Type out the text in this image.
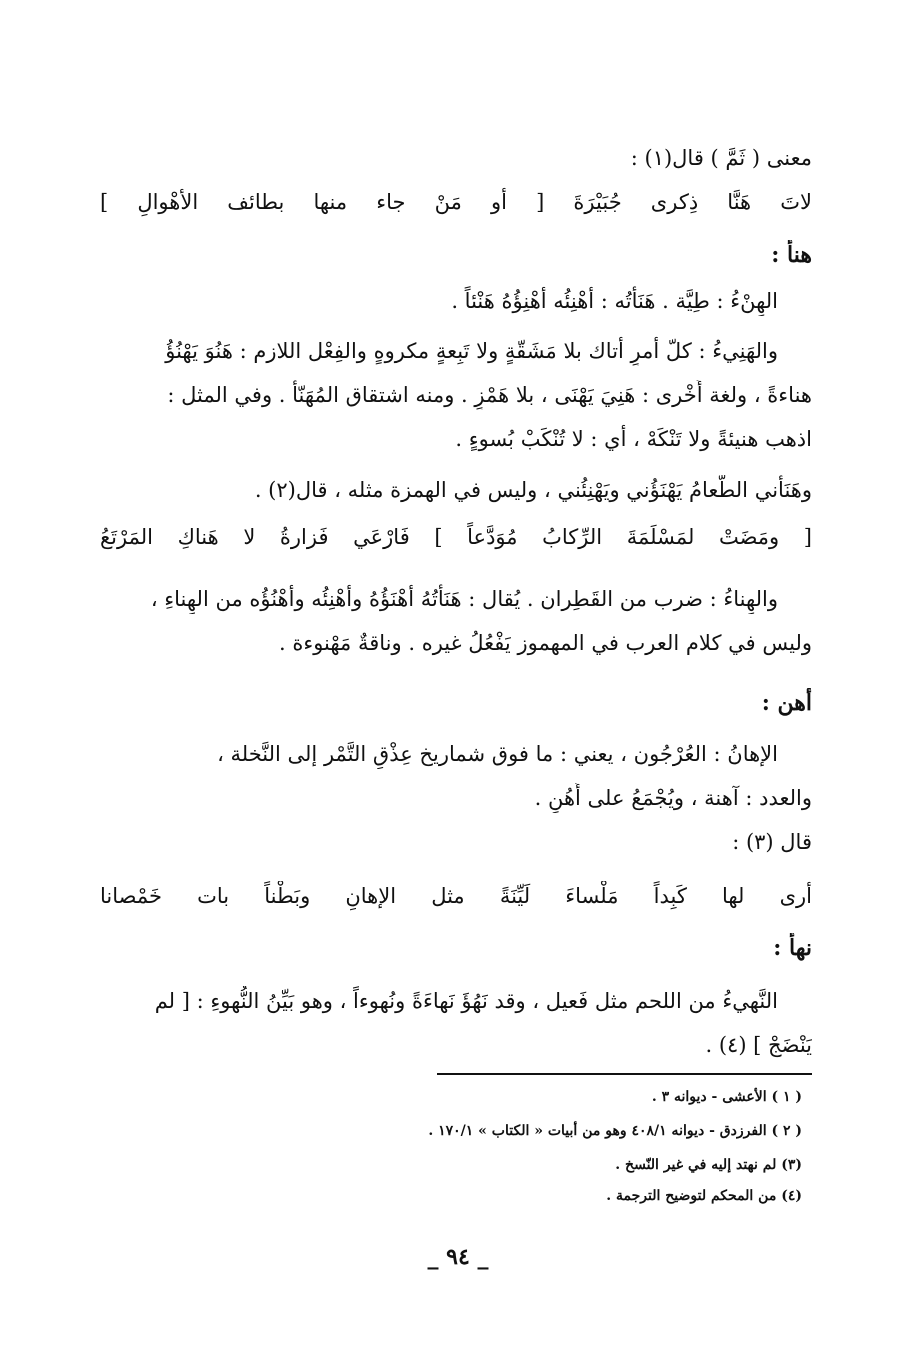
معنى ( ثَمَّ ) قال(١) :
لاتَ هَنَّا ذِكرى جُبَيْرَةَ [ أو مَنْ جاء منها بطائف الأهْوالِ ]
هنأ :
الهِنْءُ : طِيَّة . هَنَأْتُه : أهْنِئُه أهْنِؤُهُ هَنْئاً .
والهَنِيءُ : كلّ أمرٍ أتاك بلا مَشَقّةٍ ولا تَبِعةٍ مكروهٍ والفِعْل اللازم : هَنُوَ يَهْنُؤُ
هناءةً ، ولغة أُخْرى : هَنِيَ يَهْنَى ، بلا هَمْزٍ . ومنه اشتقاق المُهَنّأ . وفي المثل :
اذهب هنيئةً ولا تَنْكَهْ ، أي : لا تُنْكَبْ بُسوءٍ .
وهَنَأني الطّعامُ يَهْنَؤُني ويَهْنِئُني ، وليس في الهمزة مثله ، قال(٢) .
[ ومَضَتْ لمَسْلَمَةَ الرِّكابُ مُوَدَّعاً ] فَارْعَي فَزارةُ لا هَناكِ المَرْتَعُ
والهِناءُ : ضرب من القَطِران . يُقال : هَنَأْتُهُ أهْنَؤُهُ وأهْنِئُه وأهْنُؤُه من الهِناءِ ،
وليس في كلام العرب في المهموز يَفْعُلُ غيره . وناقةٌ مَهْنوءة .
أهن :
الإهانُ : العُرْجُون ، يعني : ما فوق شماريخ عِذْقِ التَّمْر إلى النَّخلة ،
والعدد : آهنة ، ويُجْمَعُ على أُهُنٍ .
قال (٣) :
أرى لها كَبِداً مَلْساءَ لَيِّنَةً مثل الإهانِ وبَطْناً بات خَمْصانا
نهأ :
النَّهيءُ من اللحم مثل فَعيل ، وقد نَهُؤَ نَهاءَةً ونُهوءاً ، وهو بَيِّنُ النُّهوءِ : [ لم
يَنْضَجْ ] (٤) .
( ١ ) الأعشى - ديوانه ٣ .
( ٢ ) الفرزدق - ديوانه ٤٠٨/١ وهو من أبيات « الكتاب » ١٧٠/١ .
(٣) لم نهتد إليه في غير النّسخ .
(٤) من المحكم لتوضيح الترجمة .
_ ٩٤ _
